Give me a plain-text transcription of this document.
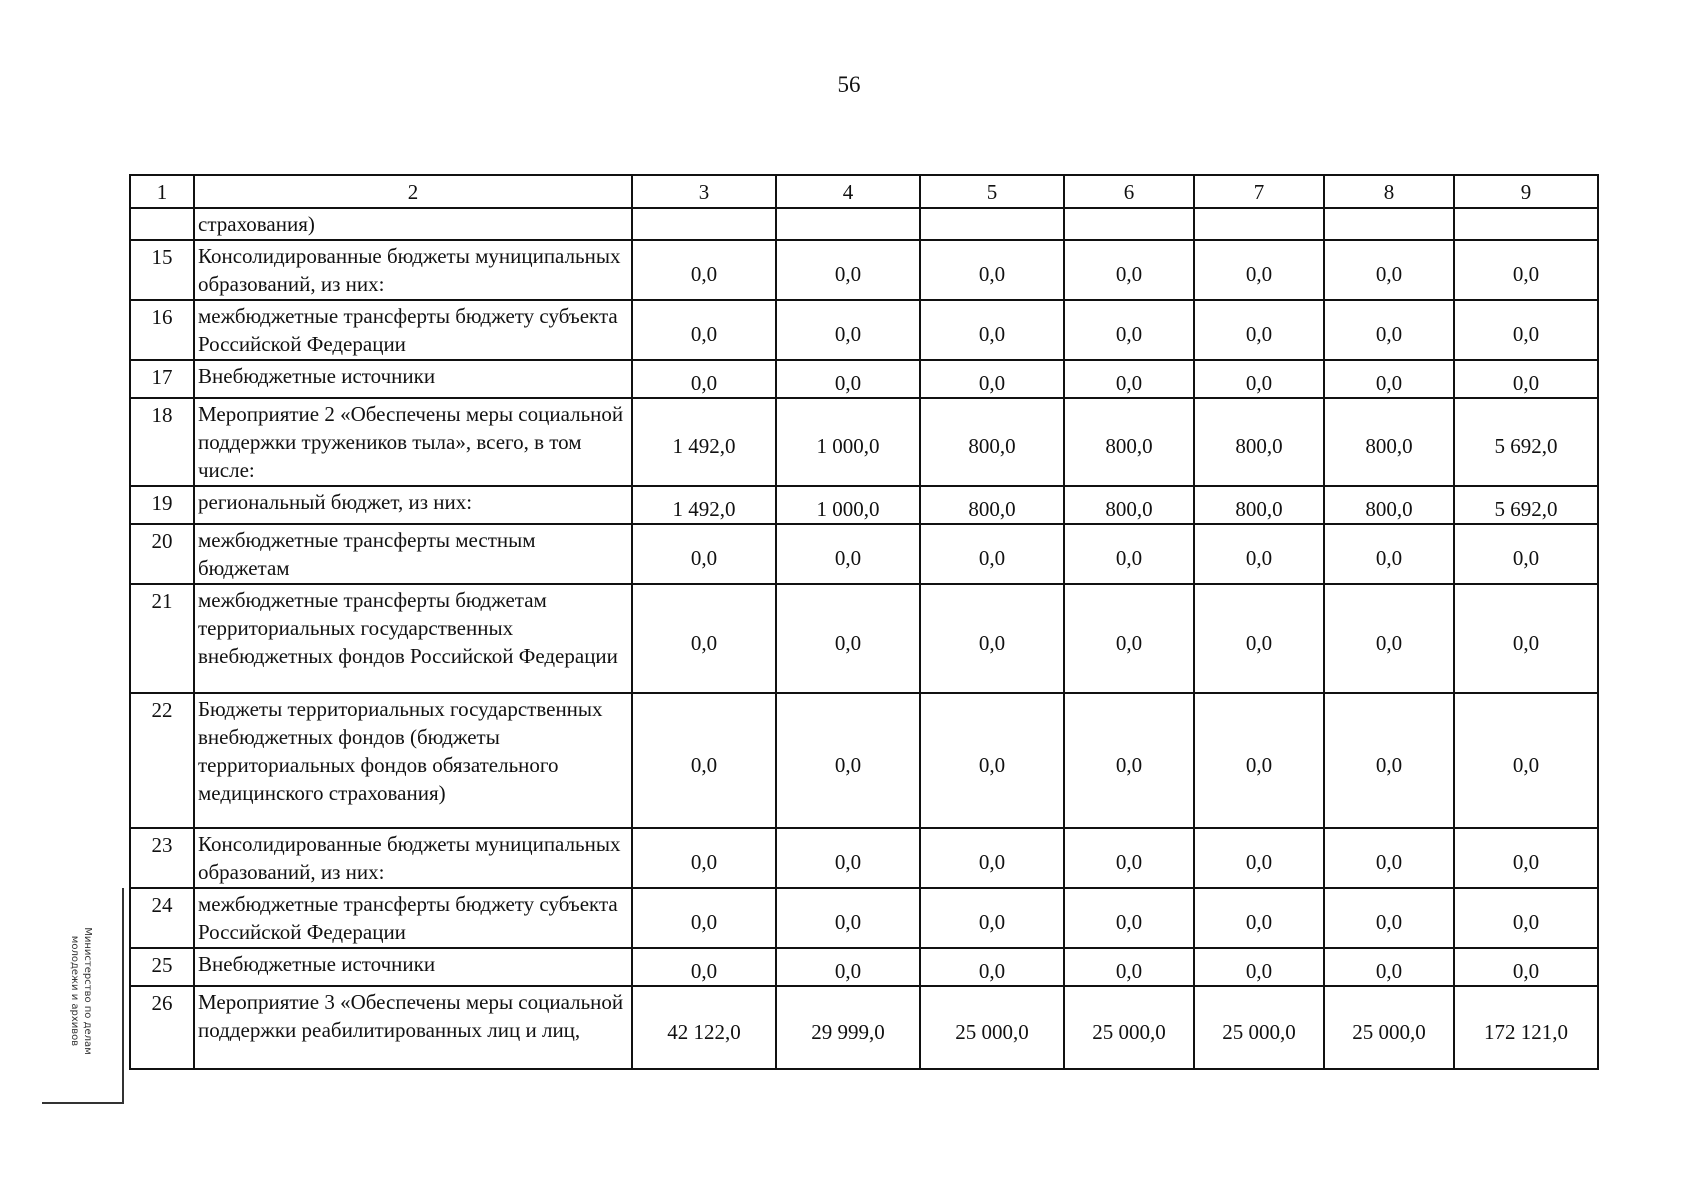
56
1	2	3	4	5	6	7	8	9
	страхования)							
15	Консолидированные бюджеты муниципальных образований, из них:	0,0	0,0	0,0	0,0	0,0	0,0	0,0
16	межбюджетные трансферты бюджету субъекта Российской Федерации	0,0	0,0	0,0	0,0	0,0	0,0	0,0
17	Внебюджетные источники	0,0	0,0	0,0	0,0	0,0	0,0	0,0
18	Мероприятие 2 «Обеспечены меры социальной поддержки тружеников тыла», всего, в том числе:	1 492,0	1 000,0	800,0	800,0	800,0	800,0	5 692,0
19	региональный бюджет, из них:	1 492,0	1 000,0	800,0	800,0	800,0	800,0	5 692,0
20	межбюджетные трансферты местным бюджетам	0,0	0,0	0,0	0,0	0,0	0,0	0,0
21	межбюджетные трансферты бюджетам территориальных государственных внебюджетных фондов Российской Федерации	0,0	0,0	0,0	0,0	0,0	0,0	0,0
22	Бюджеты территориальных государственных внебюджетных фондов (бюджеты территориальных фондов обязательного медицинского страхования)	0,0	0,0	0,0	0,0	0,0	0,0	0,0
23	Консолидированные бюджеты муниципальных образований, из них:	0,0	0,0	0,0	0,0	0,0	0,0	0,0
24	межбюджетные трансферты бюджету субъекта Российской Федерации	0,0	0,0	0,0	0,0	0,0	0,0	0,0
25	Внебюджетные источники	0,0	0,0	0,0	0,0	0,0	0,0	0,0
26	Мероприятие 3 «Обеспечены меры социальной поддержки реабилитированных лиц и лиц,	42 122,0	29 999,0	25 000,0	25 000,0	25 000,0	25 000,0	172 121,0
Министерство по делам
молодежи и архивов
